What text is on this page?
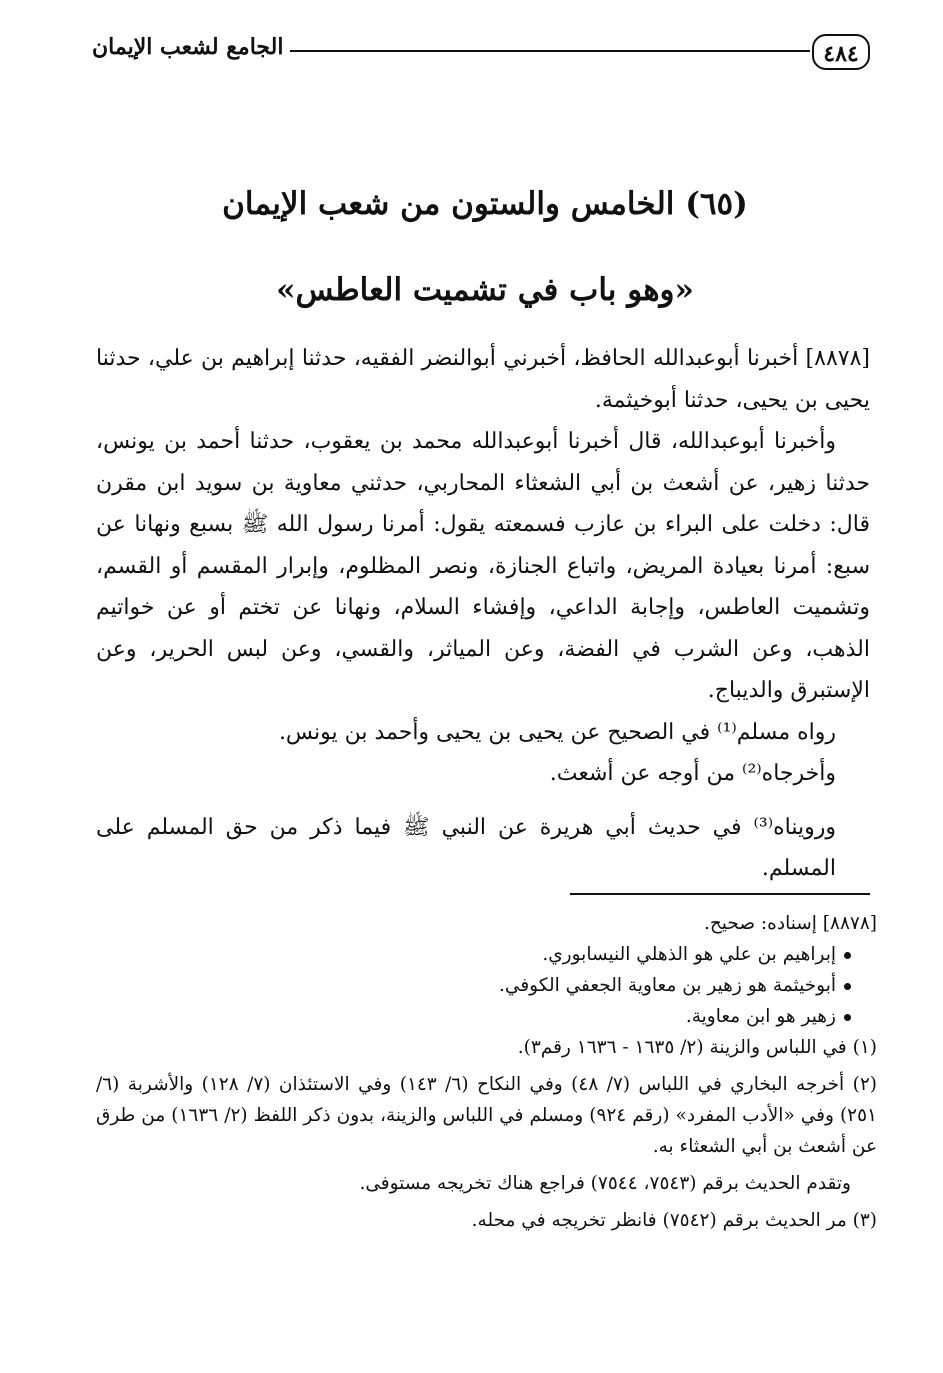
٤٨٤
الجامع لشعب الإيمان
(٦٥) الخامس والستون من شعب الإيمان
«وهو باب في تشميت العاطس»

[٨٨٧٨] أخبرنا أبوعبدالله الحافظ، أخبرني أبوالنضر الفقيه، حدثنا إبراهيم بن علي، حدثنا يحيى بن يحيى، حدثنا أبوخيثمة.

وأخبرنا أبوعبدالله، قال أخبرنا أبوعبدالله محمد بن يعقوب، حدثنا أحمد بن يونس، حدثنا زهير، عن أشعث بن أبي الشعثاء المحاربي، حدثني معاوية بن سويد ابن مقرن قال: دخلت على البراء بن عازب فسمعته يقول: أمرنا رسول الله ﷺ بسبع ونهانا عن سبع: أمرنا بعيادة المريض، واتباع الجنازة، ونصر المظلوم، وإبرار المقسم أو القسم، وتشميت العاطس، وإجابة الداعي، وإفشاء السلام، ونهانا عن تختم أو عن خواتيم الذهب، وعن الشرب في الفضة، وعن المياثر، والقسي، وعن لبس الحرير، وعن الإستبرق والديباج.

رواه مسلم⁽¹⁾ في الصحيح عن يحيى بن يحيى وأحمد بن يونس.

وأخرجاه⁽²⁾ من أوجه عن أشعث.

ورويناه⁽³⁾ في حديث أبي هريرة عن النبي ﷺ فيما ذكر من حق المسلم على المسلم.

[٨٨٧٨] إسناده: صحيح.

إبراهيم بن علي هو الذهلي النيسابوري.
أبوخيثمة هو زهير بن معاوية الجعفي الكوفي.
زهير هو ابن معاوية.

(١) في اللباس والزينة (٢/ ١٦٣٥ - ١٦٣٦ رقم٣).

(٢) أخرجه البخاري في اللباس (٧/ ٤٨) وفي النكاح (٦/ ١٤٣) وفي الاستئذان (٧/ ١٢٨) والأشربة (٦/ ٢٥١) وفي «الأدب المفرد» (رقم ٩٢٤) ومسلم في اللباس والزينة، بدون ذكر اللفظ (٢/ ١٦٣٦) من طرق عن أشعث بن أبي الشعثاء به.

وتقدم الحديث برقم (٧٥٤٣، ٧٥٤٤) فراجع هناك تخريجه مستوفى.

(٣) مر الحديث برقم (٧٥٤٢) فانظر تخريجه في محله.
